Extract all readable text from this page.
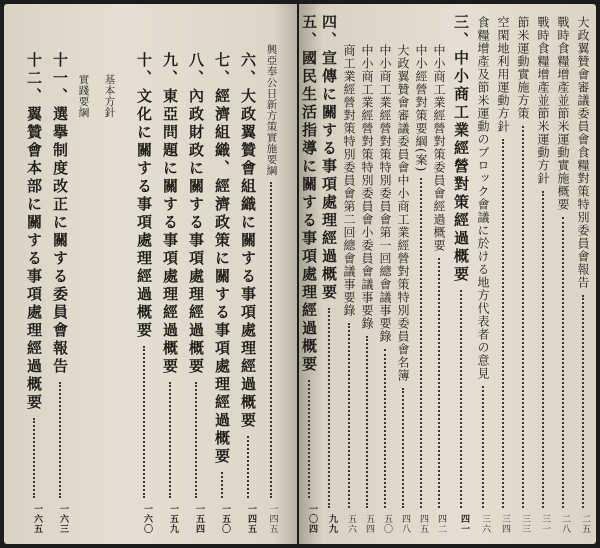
興亞奉公日新方策實施要綱
一四五
六、大政翼贊會組織に關する事項處理經過概要
一四五
七、經濟組織、經濟政策に關する事項處理經過概要
一五〇
八、內政財政に關する事項處理經過概要
一五四
九、東亞問題に關する事項處理經過概要
一五九
十、文化に關する事項處理經過概要
一六〇
基本方針
實踐要綱
十一、選擧制度改正に關する委員會報告
一六三
十二、翼贊會本部に關する事項處理經過概要
一六五
大政翼贊會審議委員會食糧對策特別委員會報告
二五
戰時食糧增產並節米運動實施概要
二八
戰時食糧增產並節米運動方針
三一
節米運動實施方策
三三
空閑地利用運動方針
三四
食糧增產及節米運動のブロック會議に於ける地方代表者の意見
三六
三、中小商工業經營對策經過概要
四一
中小商工業經營對策委員會經過概要
四二
中小經營對策要綱(案)
四五
大政翼贊會審議委員會中小商工業經營對策特別委員會名簿
四八
中小商工業經營對策特別委員會第一回總會議事要錄
五〇
中小商工業經營對策特別委員會小委員會議事要錄
五四
商工業經營對策特別委員會第二回總會議事要錄
五六
四、宣傳に關する事項處理經過概要
九九
五、國民生活指導に關する事項處理經過概要
一〇四
